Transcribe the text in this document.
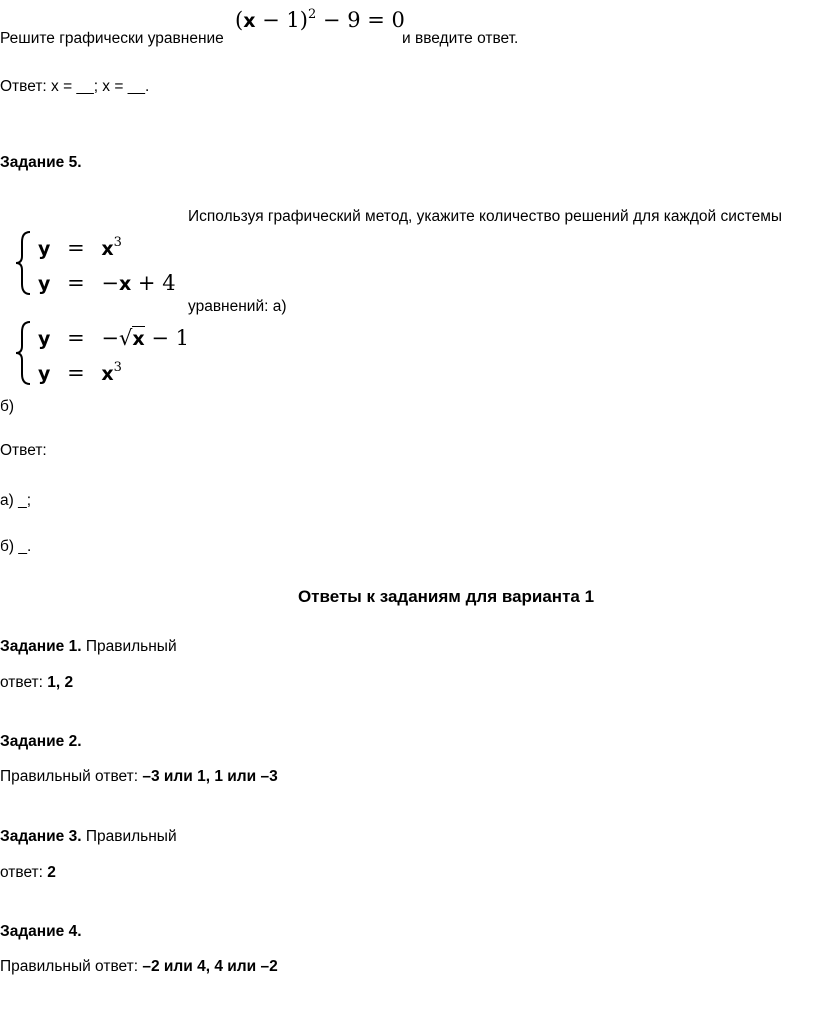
Решите графически уравнение
$(x - 1)^2 - 9 = 0$
и введите ответ.
Ответ: x = __; x = __.
Задание 5.
Используя графический метод, укажите количество решений для каждой системы
уравнений: а)
$y = x^3$
y = −x + 4
y = −√x − 1
$y = x^3$
б)
Ответ:
а) _;
б) _.
Ответы к заданиям для варианта 1
Задание 1. Правильный
ответ: 1, 2
Задание 2.
Правильный ответ: –3 или 1, 1 или –3
Задание 3. Правильный
ответ: 2
Задание 4.
Правильный ответ: –2 или 4, 4 или –2
